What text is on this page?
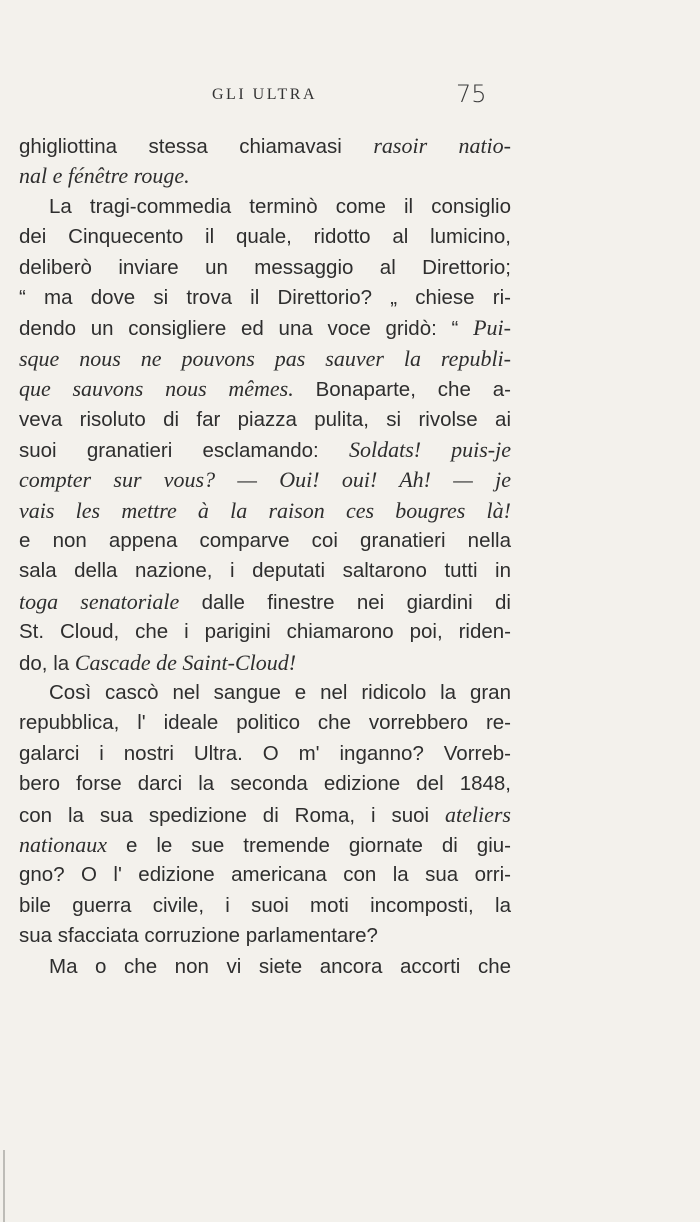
GLI ULTRA	75
ghigliottina stessa chiamavasi rasoir natio-
nal e fénêtre rouge.
La tragi-commedia terminò come il consiglio
dei Cinquecento il quale, ridotto al lumicino,
deliberò inviare un messaggio al Direttorio;
“ ma dove si trova il Direttorio? „ chiese ri-
dendo un consigliere ed una voce gridò: “ Pui-
sque nous ne pouvons pas sauver la republi-
que sauvons nous mêmes. Bonaparte, che a-
veva risoluto di far piazza pulita, si rivolse ai
suoi granatieri esclamando: Soldats! puis-je
compter sur vous? — Oui! oui! Ah! — je
vais les mettre à la raison ces bougres là!
e non appena comparve coi granatieri nella
sala della nazione, i deputati saltarono tutti in
toga senatoriale dalle finestre nei giardini di
St. Cloud, che i parigini chiamarono poi, riden-
do, la Cascade de Saint-Cloud!
Così cascò nel sangue e nel ridicolo la gran
repubblica, l' ideale politico che vorrebbero re-
galarci i nostri Ultra. O m' inganno? Vorreb-
bero forse darci la seconda edizione del 1848,
con la sua spedizione di Roma, i suoi ateliers
nationaux e le sue tremende giornate di giu-
gno? O l' edizione americana con la sua orri-
bile guerra civile, i suoi moti incomposti, la
sua sfacciata corruzione parlamentare?
Ma o che non vi siete ancora accorti che
